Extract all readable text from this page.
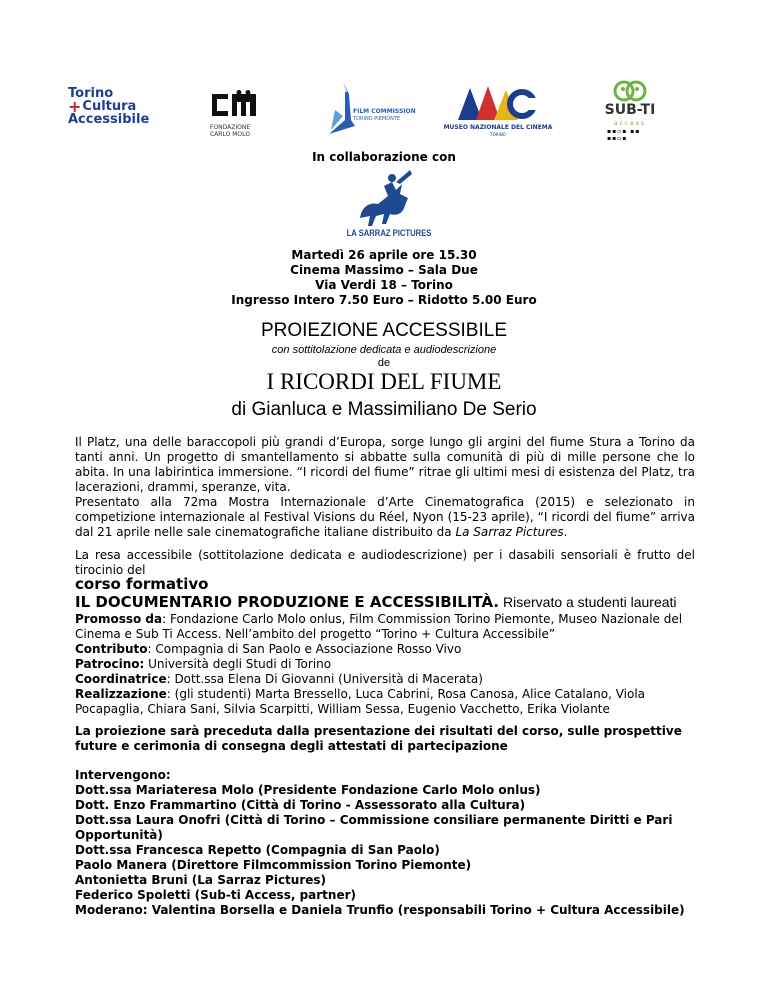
Torino
+ Cultura
Accessibile
FONDAZIONE
CARLO MOLO
FILM COMMISSION
TORINO PIEMONTE
MUSEO NAZIONALE DEL CINEMA
TORINO
SUB-TI
access
▪▪▫▪ ▪▪ ▪▪▫▪
In collaborazione con
LA SARRAZ PICTURES
Martedì 26 aprile ore 15.30
Cinema Massimo – Sala Due
Via Verdi 18 – Torino
Ingresso Intero 7.50 Euro – Ridotto 5.00 Euro
PROIEZIONE ACCESSIBILE
con sottitolazione dedicata e audiodescrizione
de
I RICORDI DEL FIUME
di Gianluca e Massimiliano De Serio
Il Platz, una delle baraccopoli più grandi d’Europa, sorge lungo gli argini del fiume Stura a Torino da tanti anni. Un progetto di smantellamento si abbatte sulla comunità di più di mille persone che lo abita. In una labirintica immersione. “I ricordi del fiume” ritrae gli ultimi mesi di esistenza del Platz, tra lacerazioni, drammi, speranze, vita.
Presentato alla 72ma Mostra Internazionale d’Arte Cinematografica (2015) e selezionato in competizione internazionale al Festival Visions du Réel, Nyon (15-23 aprile), “I ricordi del fiume” arriva dal 21 aprile nelle sale cinematografiche italiane distribuito da La Sarraz Pictures.
La resa accessibile (sottitolazione dedicata e audiodescrizione) per i dasabili sensoriali è frutto del tirocinio del
corso formativo
IL DOCUMENTARIO PRODUZIONE E ACCESSIBILITÀ. Riservato a studenti laureati
Promosso da: Fondazione Carlo Molo onlus, Film Commission Torino Piemonte, Museo Nazionale del Cinema e Sub Ti Access. Nell’ambito del progetto “Torino + Cultura Accessibile”
Contributo: Compagnia di San Paolo e Associazione Rosso Vivo
Patrocino: Università degli Studi di Torino
Coordinatrice: Dott.ssa Elena Di Giovanni (Università di Macerata)
Realizzazione: (gli studenti) Marta Bressello, Luca Cabrini, Rosa Canosa, Alice Catalano, Viola Pocapaglia, Chiara Sani, Silvia Scarpitti, William Sessa, Eugenio Vacchetto, Erika Violante
La proiezione sarà preceduta dalla presentazione dei risultati del corso, sulle prospettive future e cerimonia di consegna degli attestati di partecipazione
Intervengono:
Dott.ssa Mariateresa Molo (Presidente Fondazione Carlo Molo onlus)
Dott. Enzo Frammartino (Città di Torino - Assessorato alla Cultura)
Dott.ssa Laura Onofri (Città di Torino – Commissione consiliare permanente Diritti e Pari Opportunità)
Dott.ssa Francesca Repetto (Compagnia di San Paolo)
Paolo Manera (Direttore Filmcommission Torino Piemonte)
Antonietta Bruni (La Sarraz Pictures)
Federico Spoletti (Sub-ti Access, partner)
Moderano: Valentina Borsella e Daniela Trunfio (responsabili Torino + Cultura Accessibile)
